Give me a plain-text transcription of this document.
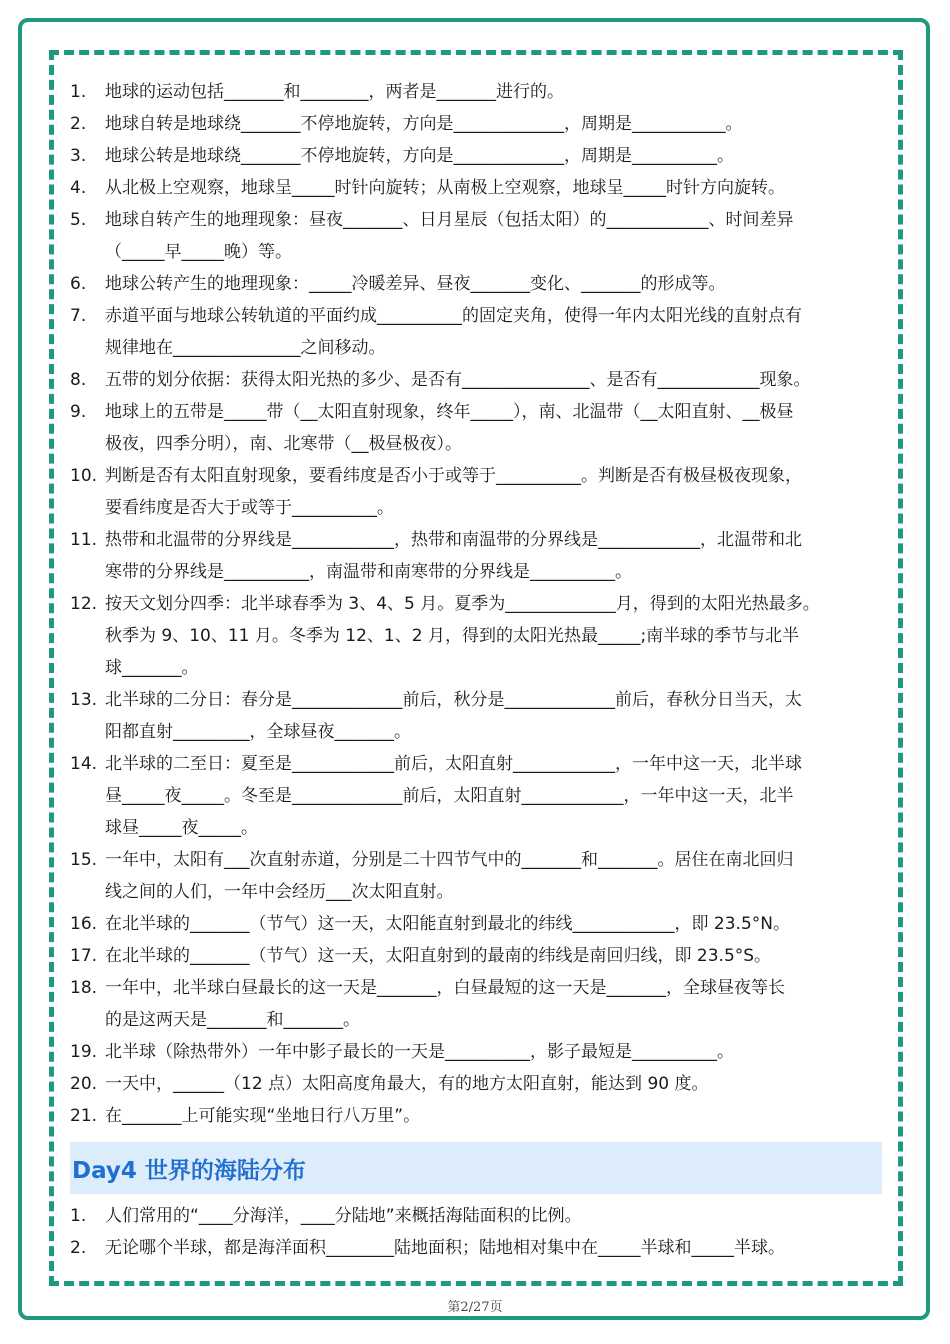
1.	地球的运动包括_______和________，两者是_______进行的。
2.	地球自转是地球绕_______不停地旋转，方向是_____________，周期是___________。
3.	地球公转是地球绕_______不停地旋转，方向是_____________，周期是__________。
4.	从北极上空观察，地球呈_____时针向旋转；从南极上空观察，地球呈_____时针方向旋转。
5.	地球自转产生的地理现象：昼夜_______、日月星辰（包括太阳）的____________、时间差异
（_____早_____晚）等。
6.	地球公转产生的地理现象：_____冷暖差异、昼夜_______变化、_______的形成等。
7.	赤道平面与地球公转轨道的平面约成__________的固定夹角，使得一年内太阳光线的直射点有
规律地在_______________之间移动。
8.	五带的划分依据：获得太阳光热的多少、是否有_______________、是否有____________现象。
9.	地球上的五带是_____带（__太阳直射现象，终年_____），南、北温带（__太阳直射、__极昼
极夜，四季分明），南、北寒带（__极昼极夜）。
10. 判断是否有太阳直射现象，要看纬度是否小于或等于__________。判断是否有极昼极夜现象，
要看纬度是否大于或等于__________。
11. 热带和北温带的分界线是____________，热带和南温带的分界线是____________，北温带和北
寒带的分界线是__________，南温带和南寒带的分界线是__________。
12. 按天文划分四季：北半球春季为 3、4、5 月。夏季为_____________月，得到的太阳光热最多。
秋季为 9、10、11 月。冬季为 12、1、2 月，得到的太阳光热最_____;南半球的季节与北半
球_______。
13. 北半球的二分日：春分是_____________前后，秋分是_____________前后，春秋分日当天，太
阳都直射_________，全球昼夜_______。
14. 北半球的二至日：夏至是____________前后，太阳直射____________，一年中这一天，北半球
昼_____夜_____。冬至是_____________前后，太阳直射____________，一年中这一天，北半
球昼_____夜_____。
15. 一年中，太阳有___次直射赤道，分别是二十四节气中的_______和_______。居住在南北回归
线之间的人们，一年中会经历___次太阳直射。
16. 在北半球的_______（节气）这一天，太阳能直射到最北的纬线____________，即 23.5°N。
17. 在北半球的_______（节气）这一天，太阳直射到的最南的纬线是南回归线，即 23.5°S。
18. 一年中，北半球白昼最长的这一天是_______，白昼最短的这一天是_______，全球昼夜等长
的是这两天是_______和_______。
19. 北半球（除热带外）一年中影子最长的一天是__________，影子最短是__________。
20. 一天中，______（12 点）太阳高度角最大，有的地方太阳直射，能达到 90 度。
21. 在_______上可能实现“坐地日行八万里”。
Day4 世界的海陆分布
1.	人们常用的“____分海洋，____分陆地”来概括海陆面积的比例。
2.	无论哪个半球，都是海洋面积________陆地面积；陆地相对集中在_____半球和_____半球。
第2/27页
